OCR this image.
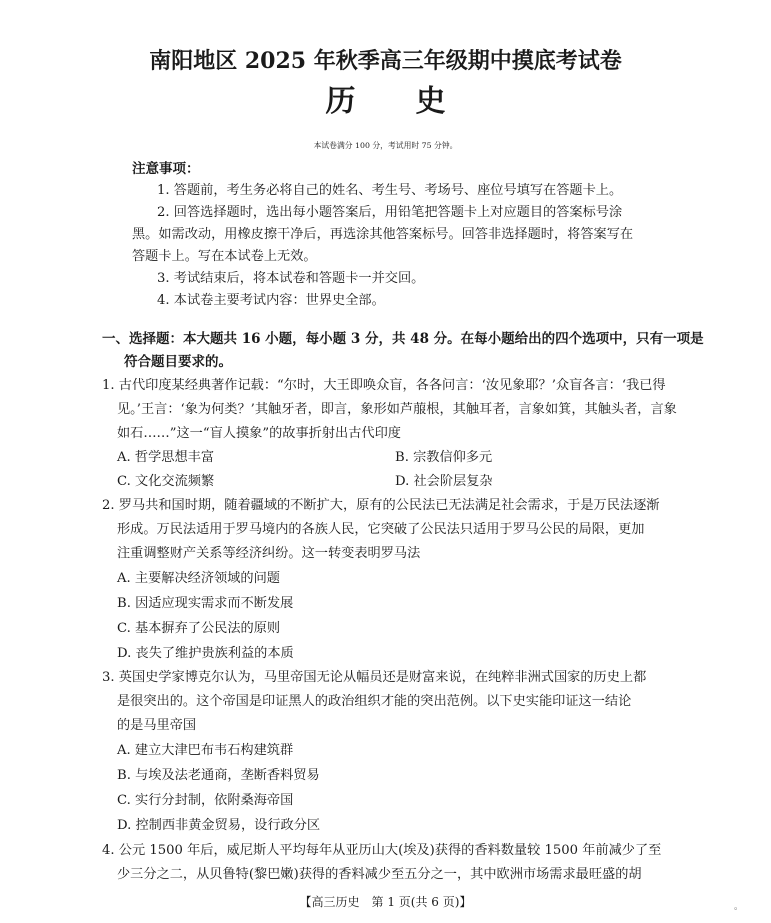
南阳地区 2025 年秋季高三年级期中摸底考试卷
历史
本试卷满分 100 分，考试用时 75 分钟。
注意事项：
1. 答题前，考生务必将自己的姓名、考生号、考场号、座位号填写在答题卡上。
2. 回答选择题时，选出每小题答案后，用铅笔把答题卡上对应题目的答案标号涂
黑。如需改动，用橡皮擦干净后，再选涂其他答案标号。回答非选择题时，将答案写在
答题卡上。写在本试卷上无效。
3. 考试结束后，将本试卷和答题卡一并交回。
4. 本试卷主要考试内容：世界史全部。
一、选择题：本大题共 16 小题，每小题 3 分，共 48 分。在每小题给出的四个选项中，只有一项是
符合题目要求的。
1. 古代印度某经典著作记载：“尔时，大王即唤众盲，各各问言：‘汝见象耶？’众盲各言：‘我已得
见。’王言：‘象为何类？’其触牙者，即言，象形如芦菔根，其触耳者，言象如箕，其触头者，言象
如石……”这一“盲人摸象”的故事折射出古代印度
A. 哲学思想丰富	B. 宗教信仰多元
C. 文化交流频繁	D. 社会阶层复杂
2. 罗马共和国时期，随着疆域的不断扩大，原有的公民法已无法满足社会需求，于是万民法逐渐
形成。万民法适用于罗马境内的各族人民，它突破了公民法只适用于罗马公民的局限，更加
注重调整财产关系等经济纠纷。这一转变表明罗马法
A. 主要解决经济领域的问题
B. 因适应现实需求而不断发展
C. 基本摒弃了公民法的原则
D. 丧失了维护贵族利益的本质
3. 英国史学家博克尔认为，马里帝国无论从幅员还是财富来说，在纯粹非洲式国家的历史上都
是很突出的。这个帝国是印证黑人的政治组织才能的突出范例。以下史实能印证这一结论
的是马里帝国
A. 建立大津巴布韦石构建筑群
B. 与埃及法老通商，垄断香料贸易
C. 实行分封制，依附桑海帝国
D. 控制西非黄金贸易，设行政分区
4. 公元 1500 年后，威尼斯人平均每年从亚历山大(埃及)获得的香料数量较 1500 年前减少了至
少三分之二，从贝鲁特(黎巴嫩)获得的香料减少至五分之一，其中欧洲市场需求最旺盛的胡
【高三历史　第 1 页(共 6 页)】	。
